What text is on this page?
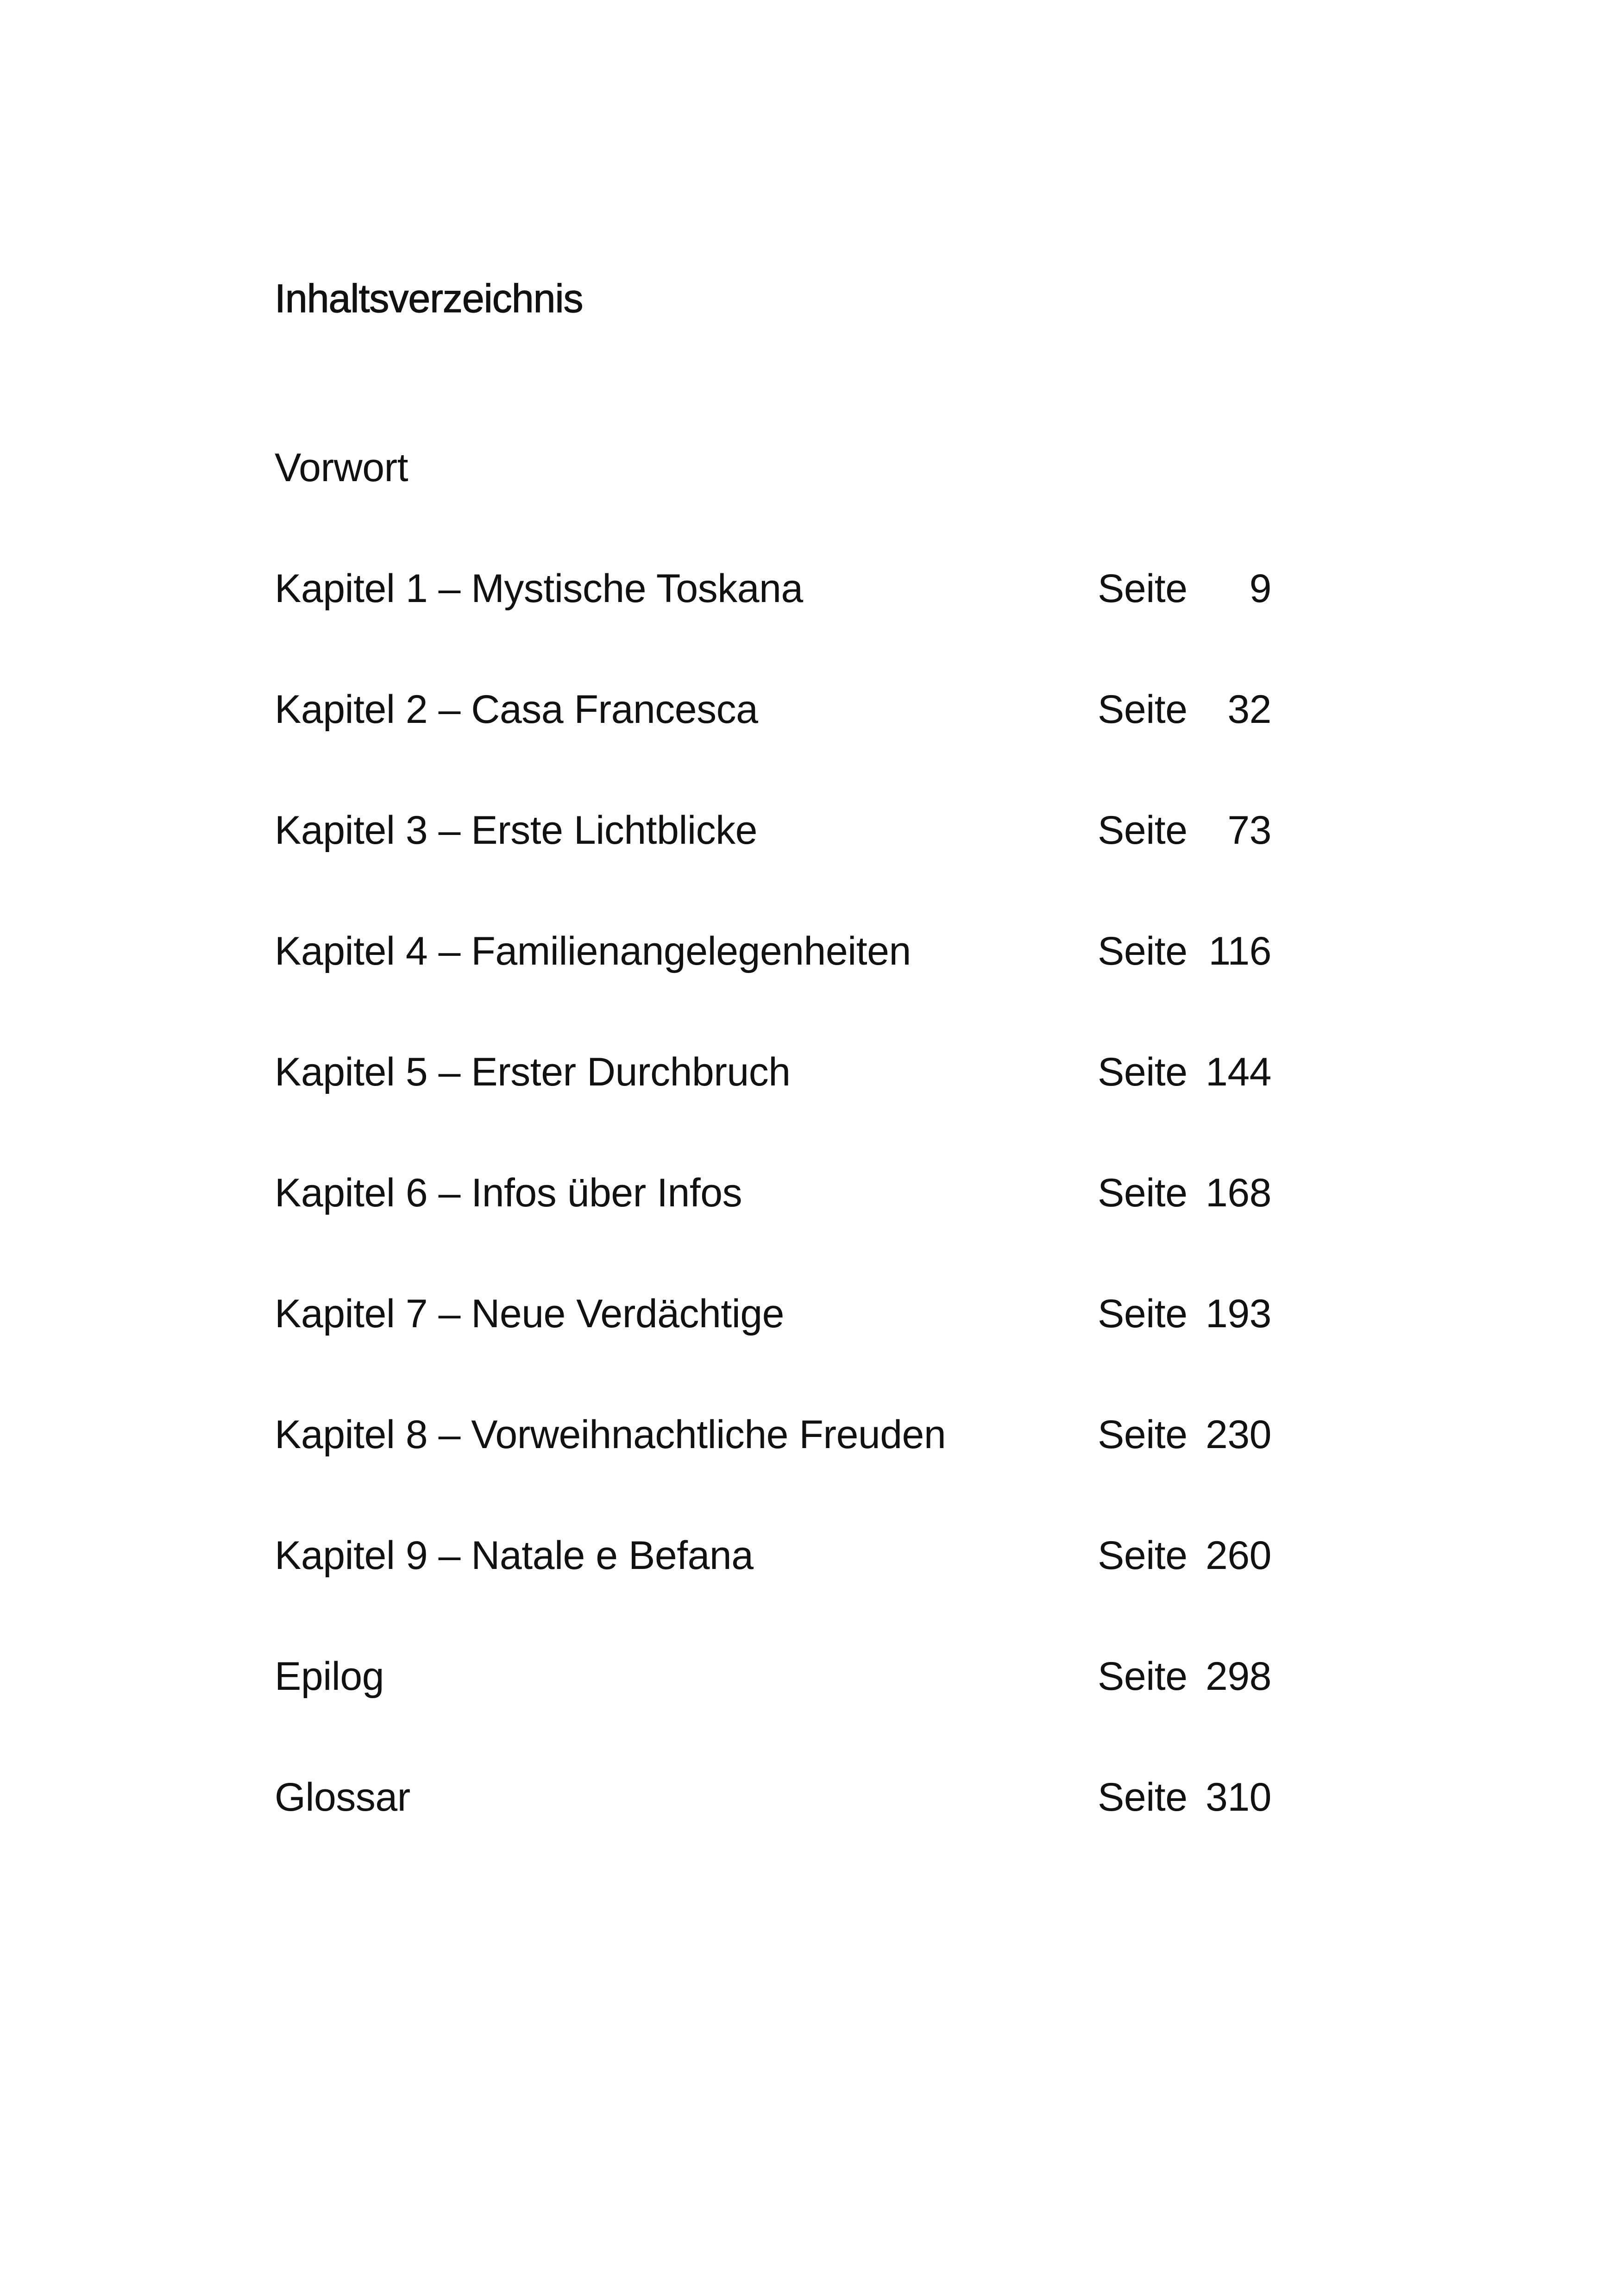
Inhaltsverzeichnis
Vorwort
Kapitel 1 – Mystische Toskana	Seite	9
Kapitel 2 – Casa Francesca	Seite	32
Kapitel 3 – Erste Lichtblicke	Seite	73
Kapitel 4 – Familienangelegenheiten	Seite 116
Kapitel 5 – Erster Durchbruch	Seite 144
Kapitel 6 – Infos über Infos	Seite 168
Kapitel 7 – Neue Verdächtige	Seite 193
Kapitel 8 – Vorweihnachtliche Freuden	Seite 230
Kapitel 9 – Natale e Befana	Seite 260
Epilog	Seite 298
Glossar	Seite 310
